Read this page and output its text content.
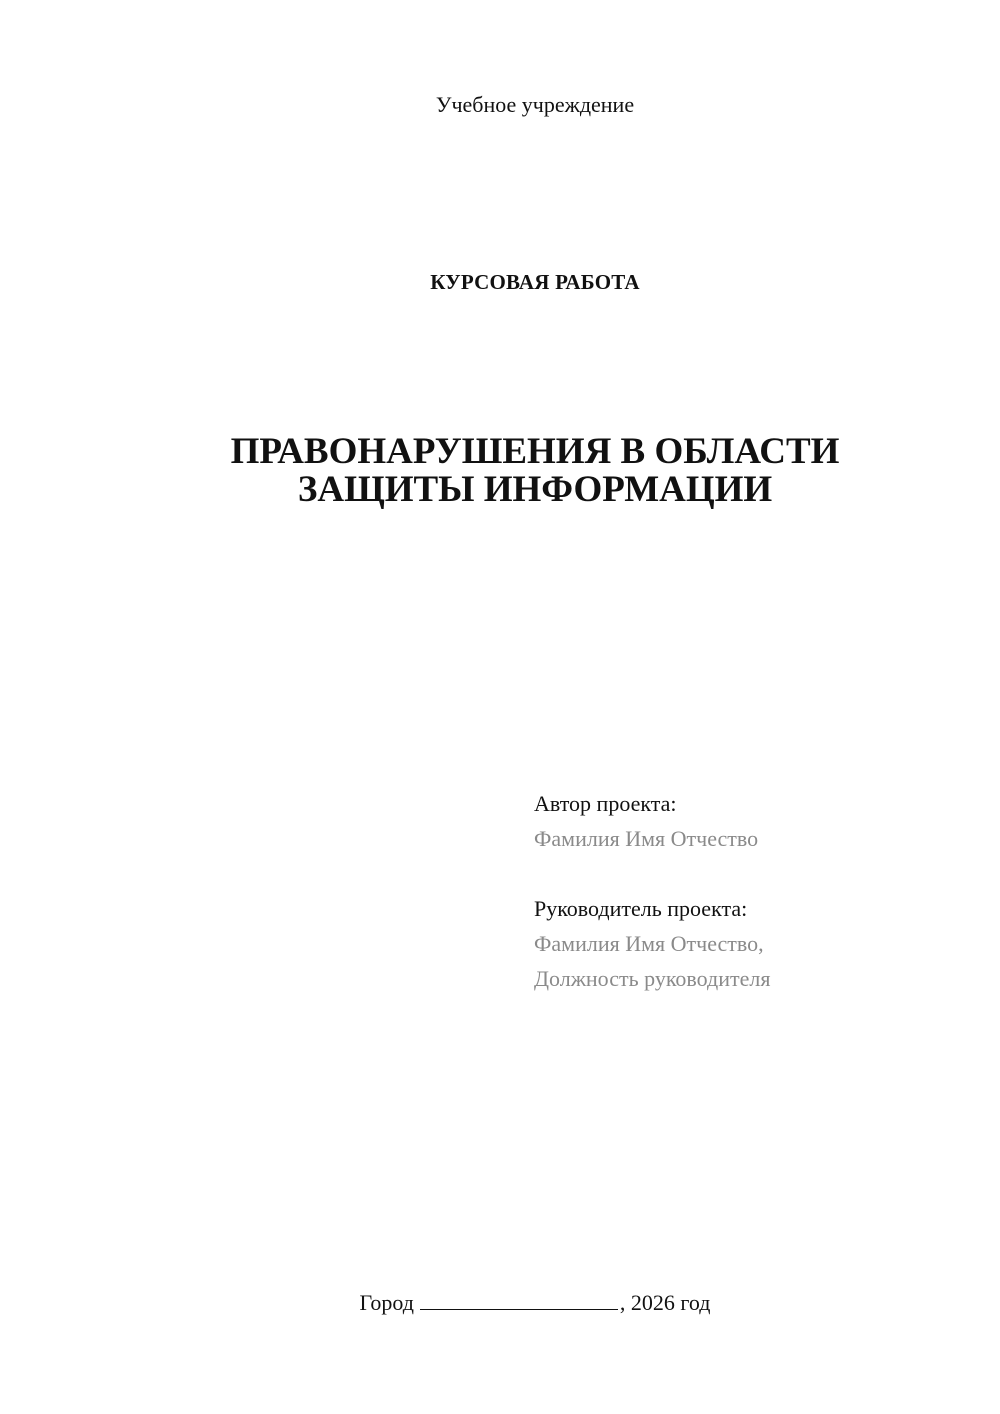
Учебное учреждение
КУРСОВАЯ РАБОТА
ПРАВОНАРУШЕНИЯ В ОБЛАСТИ
ЗАЩИТЫ ИНФОРМАЦИИ
Автор проекта:
Фамилия Имя Отчество
Руководитель проекта:
Фамилия Имя Отчество,
Должность руководителя
Город	, 2026 год
